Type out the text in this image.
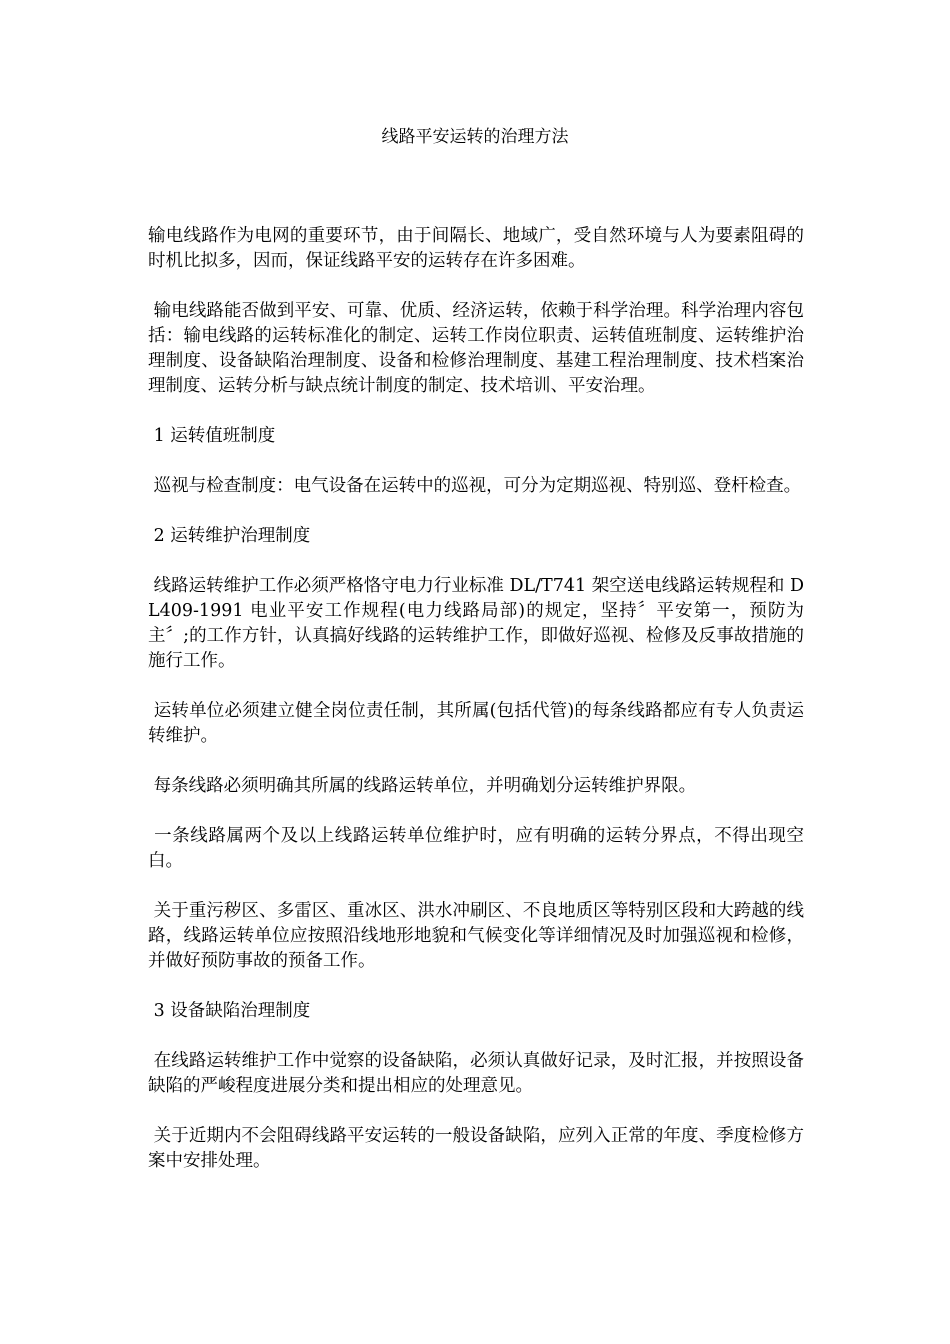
线路平安运转的治理方法

输电线路作为电网的重要环节，由于间隔长、地域广，受自然环境与人为要素阻碍的时机比拟多，因而，保证线路平安的运转存在许多困难。

输电线路能否做到平安、可靠、优质、经济运转，依赖于科学治理。科学治理内容包括：输电线路的运转标准化的制定、运转工作岗位职责、运转值班制度、运转维护治理制度、设备缺陷治理制度、设备和检修治理制度、基建工程治理制度、技术档案治理制度、运转分析与缺点统计制度的制定、技术培训、平安治理。

1 运转值班制度

巡视与检查制度：电气设备在运转中的巡视，可分为定期巡视、特别巡、登杆检查。

2 运转维护治理制度

线路运转维护工作必须严格恪守电力行业标准 DL/T741 架空送电线路运转规程和 DL409-1991 电业平安工作规程(电力线路局部)的规定，坚持〞平安第一，预防为主〞;的工作方针，认真搞好线路的运转维护工作，即做好巡视、检修及反事故措施的施行工作。

运转单位必须建立健全岗位责任制，其所属(包括代管)的每条线路都应有专人负责运转维护。

每条线路必须明确其所属的线路运转单位，并明确划分运转维护界限。

一条线路属两个及以上线路运转单位维护时，应有明确的运转分界点，不得出现空白。

关于重污秽区、多雷区、重冰区、洪水冲刷区、不良地质区等特别区段和大跨越的线路，线路运转单位应按照沿线地形地貌和气候变化等详细情况及时加强巡视和检修，并做好预防事故的预备工作。

3 设备缺陷治理制度

在线路运转维护工作中觉察的设备缺陷，必须认真做好记录，及时汇报，并按照设备缺陷的严峻程度进展分类和提出相应的处理意见。

关于近期内不会阻碍线路平安运转的一般设备缺陷，应列入正常的年度、季度检修方案中安排处理。
